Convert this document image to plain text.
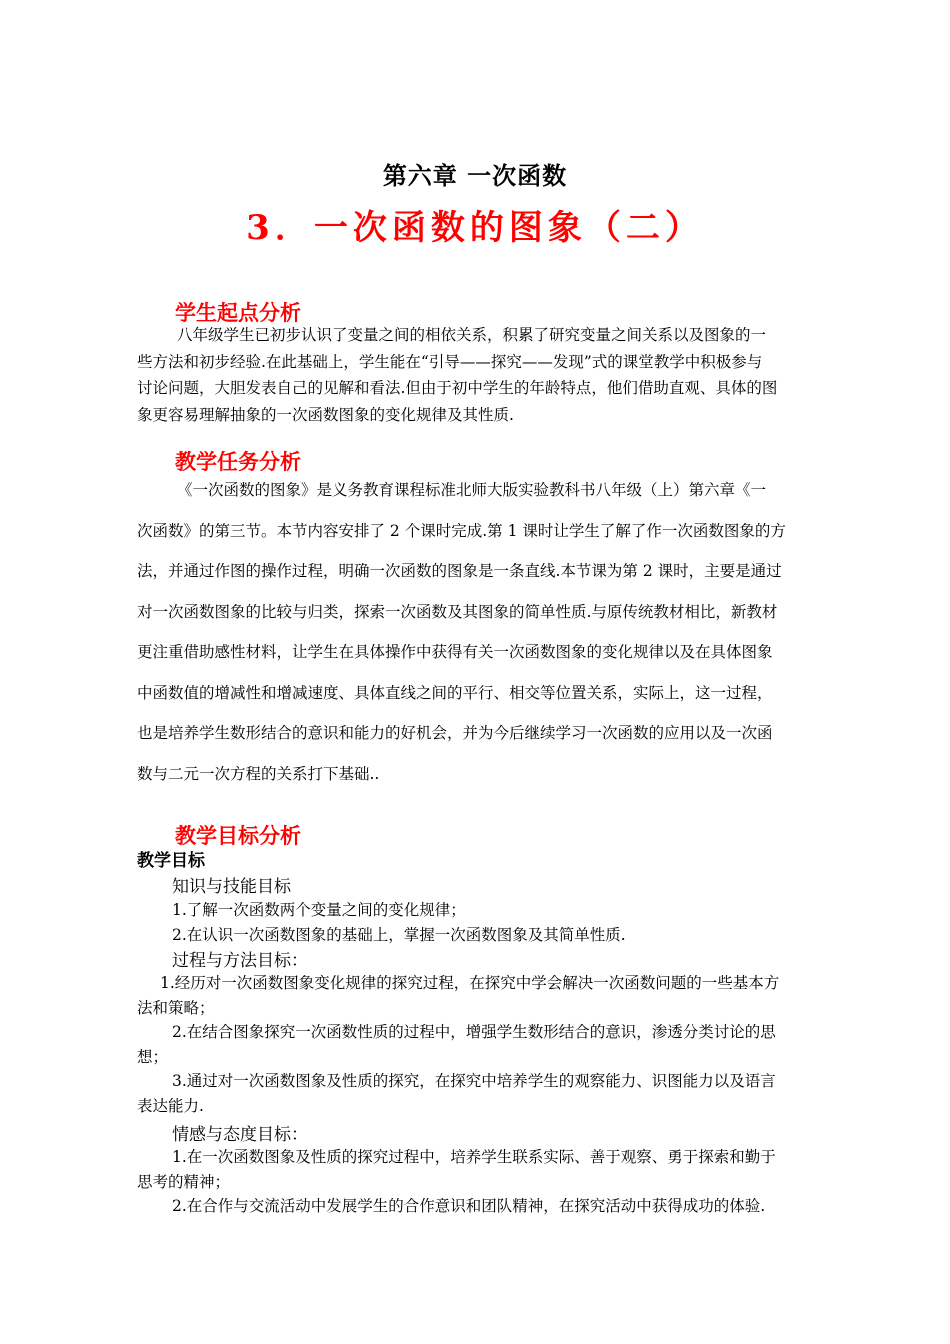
第六章 一次函数
3．一次函数的图象（二）
学生起点分析
八年级学生已初步认识了变量之间的相依关系，积累了研究变量之间关系以及图象的一
些方法和初步经验.在此基础上，学生能在“引导——探究——发现”式的课堂教学中积极参与
讨论问题，大胆发表自己的见解和看法.但由于初中学生的年龄特点，他们借助直观、具体的图
象更容易理解抽象的一次函数图象的变化规律及其性质.
教学任务分析
《一次函数的图象》是义务教育课程标准北师大版实验教科书八年级（上）第六章《一
次函数》的第三节。本节内容安排了 2 个课时完成.第 1 课时让学生了解了作一次函数图象的方
法，并通过作图的操作过程，明确一次函数的图象是一条直线.本节课为第 2 课时，主要是通过
对一次函数图象的比较与归类，探索一次函数及其图象的简单性质.与原传统教材相比，新教材
更注重借助感性材料，让学生在具体操作中获得有关一次函数图象的变化规律以及在具体图象
中函数值的增减性和增减速度、具体直线之间的平行、相交等位置关系，实际上，这一过程，
也是培养学生数形结合的意识和能力的好机会，并为今后继续学习一次函数的应用以及一次函
数与二元一次方程的关系打下基础..
教学目标分析
教学目标
知识与技能目标
1.了解一次函数两个变量之间的变化规律；
2.在认识一次函数图象的基础上，掌握一次函数图象及其简单性质.
过程与方法目标：
1.经历对一次函数图象变化规律的探究过程，在探究中学会解决一次函数问题的一些基本方
法和策略；
2.在结合图象探究一次函数性质的过程中，增强学生数形结合的意识，渗透分类讨论的思
想；
3.通过对一次函数图象及性质的探究，在探究中培养学生的观察能力、识图能力以及语言
表达能力.
情感与态度目标：
1.在一次函数图象及性质的探究过程中，培养学生联系实际、善于观察、勇于探索和勤于
思考的精神；
2.在合作与交流活动中发展学生的合作意识和团队精神，在探究活动中获得成功的体验.
